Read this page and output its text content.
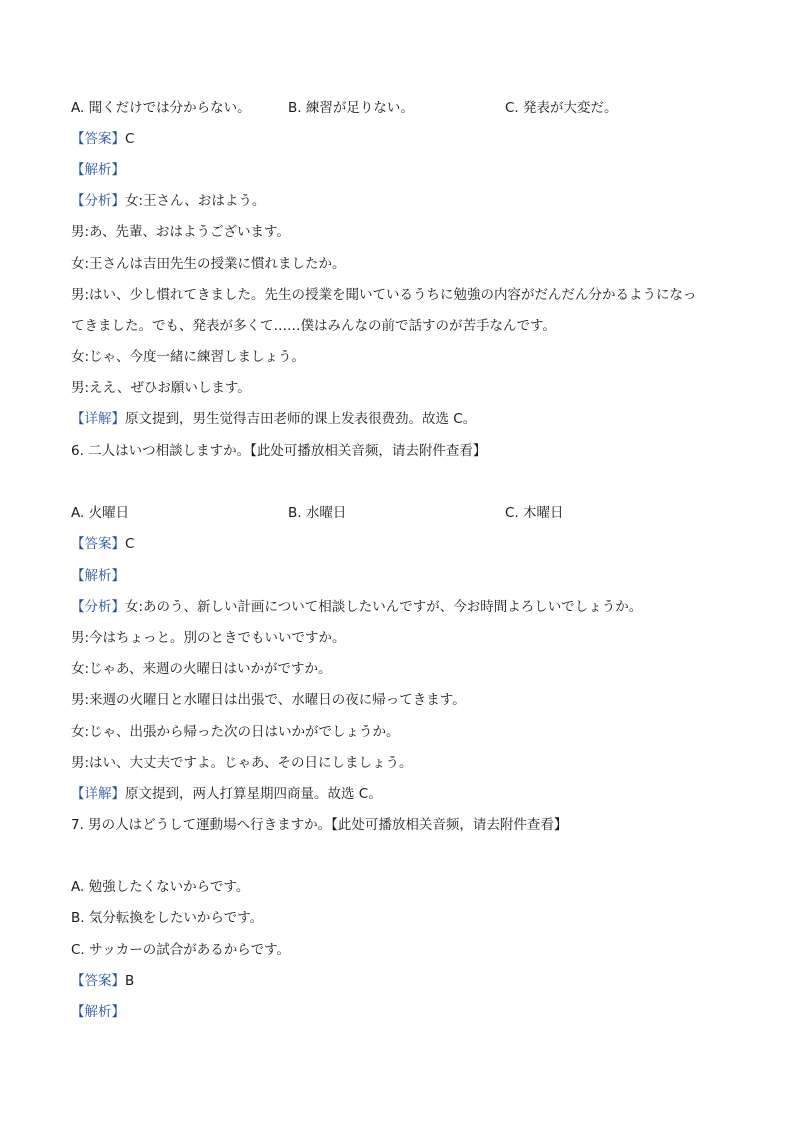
A. 聞くだけでは分からない。	B. 練習が足りない。	C. 発表が大変だ。
【答案】C
【解析】
【分析】女:王さん、おはよう。
男:あ、先輩、おはようございます。
女:王さんは吉田先生の授業に慣れましたか。
男:はい、少し慣れてきました。先生の授業を聞いているうちに勉強の内容がだんだん分かるようになっ
てきました。でも、発表が多くて……僕はみんなの前で話すのが苦手なんです。
女:じゃ、今度一緒に練習しましょう。
男:ええ、ぜひお願いします。
【详解】原文提到，男生觉得吉田老师的课上发表很费劲。故选 C。
6. 二人はいつ相談しますか。【此处可播放相关音频，请去附件查看】
A. 火曜日	B. 水曜日	C. 木曜日
【答案】C
【解析】
【分析】女:あのう、新しい計画について相談したいんですが、今お時間よろしいでしょうか。
男:今はちょっと。別のときでもいいですか。
女:じゃあ、来週の火曜日はいかがですか。
男:来週の火曜日と水曜日は出張で、水曜日の夜に帰ってきます。
女:じゃ、出張から帰った次の日はいかがでしょうか。
男:はい、大丈夫ですよ。じゃあ、その日にしましょう。
【详解】原文提到，两人打算星期四商量。故选 C。
7. 男の人はどうして運動場へ行きますか。【此处可播放相关音频，请去附件查看】
A. 勉強したくないからです。
B. 気分転換をしたいからです。
C. サッカーの試合があるからです。
【答案】B
【解析】
